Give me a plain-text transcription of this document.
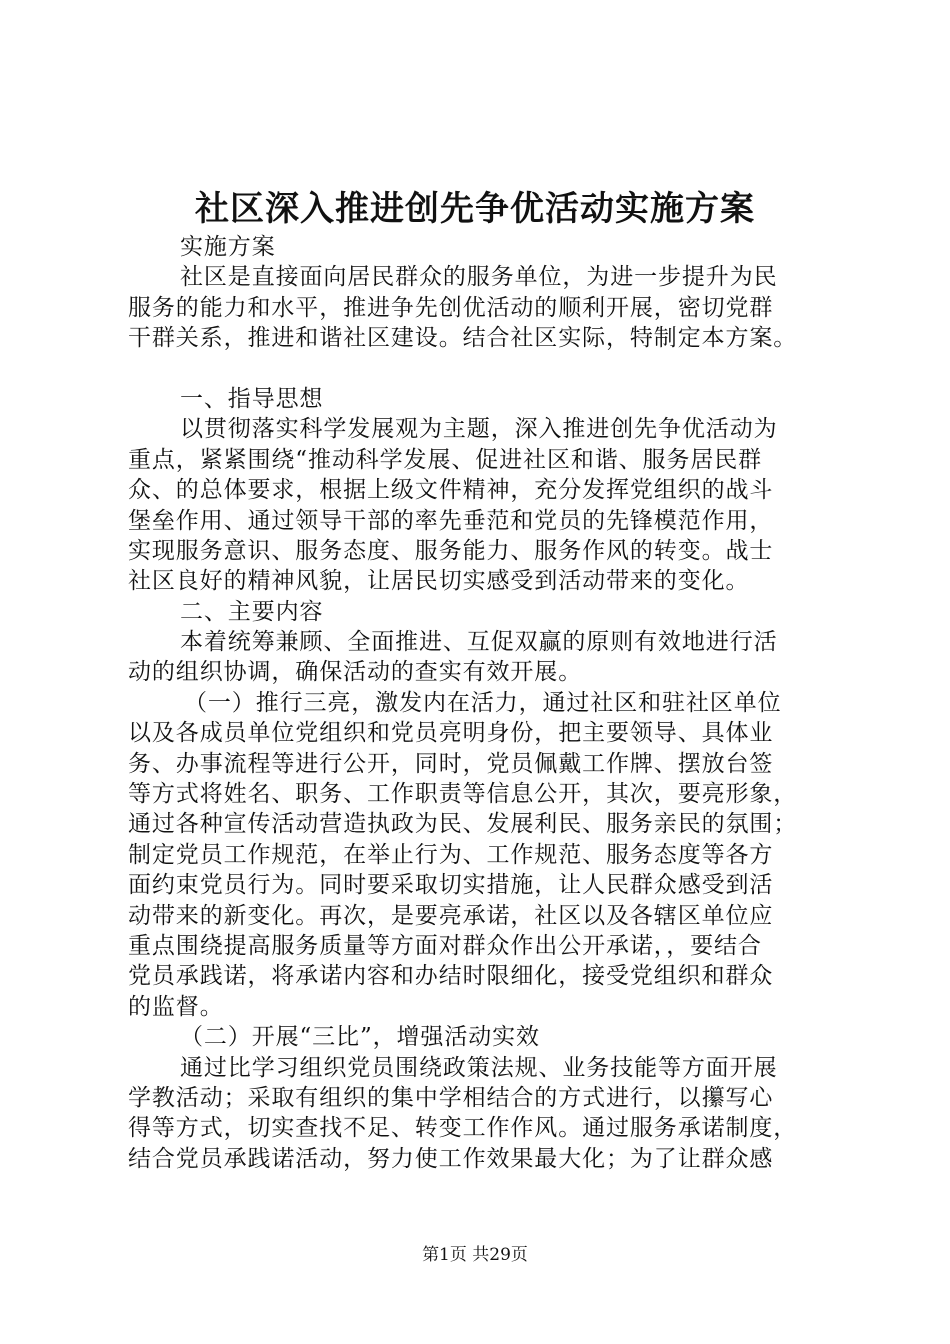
社区深入推进创先争优活动实施方案
实施方案
社区是直接面向居民群众的服务单位，为进一步提升为民
服务的能力和水平，推进争先创优活动的顺利开展，密切党群
干群关系，推进和谐社区建设。结合社区实际，特制定本方案。
一、指导思想
以贯彻落实科学发展观为主题，深入推进创先争优活动为
重点，紧紧围绕“推动科学发展、促进社区和谐、服务居民群
众、的总体要求，根据上级文件精神，充分发挥党组织的战斗
堡垒作用、通过领导干部的率先垂范和党员的先锋模范作用，
实现服务意识、服务态度、服务能力、服务作风的转变。战士
社区良好的精神风貌，让居民切实感受到活动带来的变化。
二、主要内容
本着统筹兼顾、全面推进、互促双赢的原则有效地进行活
动的组织协调，确保活动的查实有效开展。
（一）推行三亮，激发内在活力，通过社区和驻社区单位
以及各成员单位党组织和党员亮明身份，把主要领导、具体业
务、办事流程等进行公开，同时，党员佩戴工作牌、摆放台签
等方式将姓名、职务、工作职责等信息公开，其次，要亮形象，
通过各种宣传活动营造执政为民、发展利民、服务亲民的氛围；
制定党员工作规范，在举止行为、工作规范、服务态度等各方
面约束党员行为。同时要采取切实措施，让人民群众感受到活
动带来的新变化。再次，是要亮承诺，社区以及各辖区单位应
重点围绕提高服务质量等方面对群众作出公开承诺，，要结合
党员承践诺，将承诺内容和办结时限细化，接受党组织和群众
的监督。
（二）开展“三比”，增强活动实效
通过比学习组织党员围绕政策法规、业务技能等方面开展
学教活动；采取有组织的集中学相结合的方式进行，以攥写心
得等方式，切实查找不足、转变工作作风。通过服务承诺制度，
结合党员承践诺活动，努力使工作效果最大化；为了让群众感
第1页 共29页
